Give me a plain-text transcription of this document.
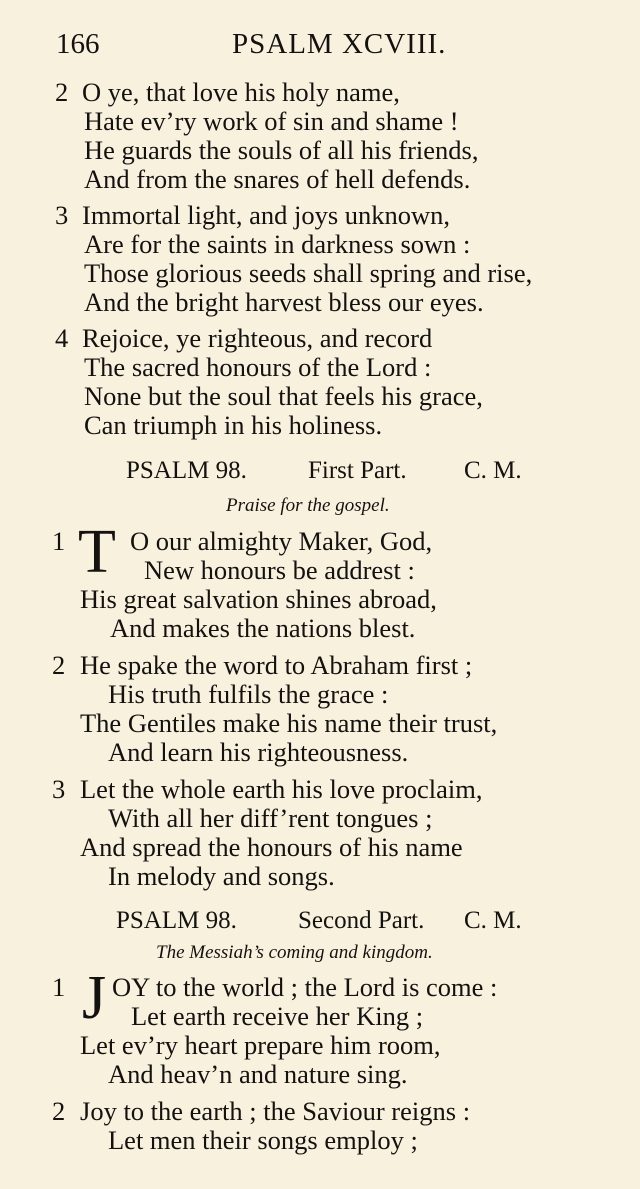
166	PSALM XCVIII.
2 O ye, that love his holy name,
Hate ev’ry work of sin and shame !
He guards the souls of all his friends,
And from the snares of hell defends.
3 Immortal light, and joys unknown,
Are for the saints in darkness sown :
Those glorious seeds shall spring and rise,
And the bright harvest bless our eyes.
4 Rejoice, ye righteous, and record
The sacred honours of the Lord :
None but the soul that feels his grace,
Can triumph in his holiness.
PSALM 98. First Part. C. M.
Praise for the gospel.
1 T O our almighty Maker, God,
New honours be addrest :
His great salvation shines abroad,
And makes the nations blest.
2 He spake the word to Abraham first ;
His truth fulfils the grace :
The Gentiles make his name their trust,
And learn his righteousness.
3 Let the whole earth his love proclaim,
With all her diff’rent tongues ;
And spread the honours of his name
In melody and songs.
PSALM 98. Second Part. C. M.
The Messiah’s coming and kingdom.
1 J OY to the world ; the Lord is come :
Let earth receive her King ;
Let ev’ry heart prepare him room,
And heav’n and nature sing.
2 Joy to the earth ; the Saviour reigns :
Let men their songs employ ;
